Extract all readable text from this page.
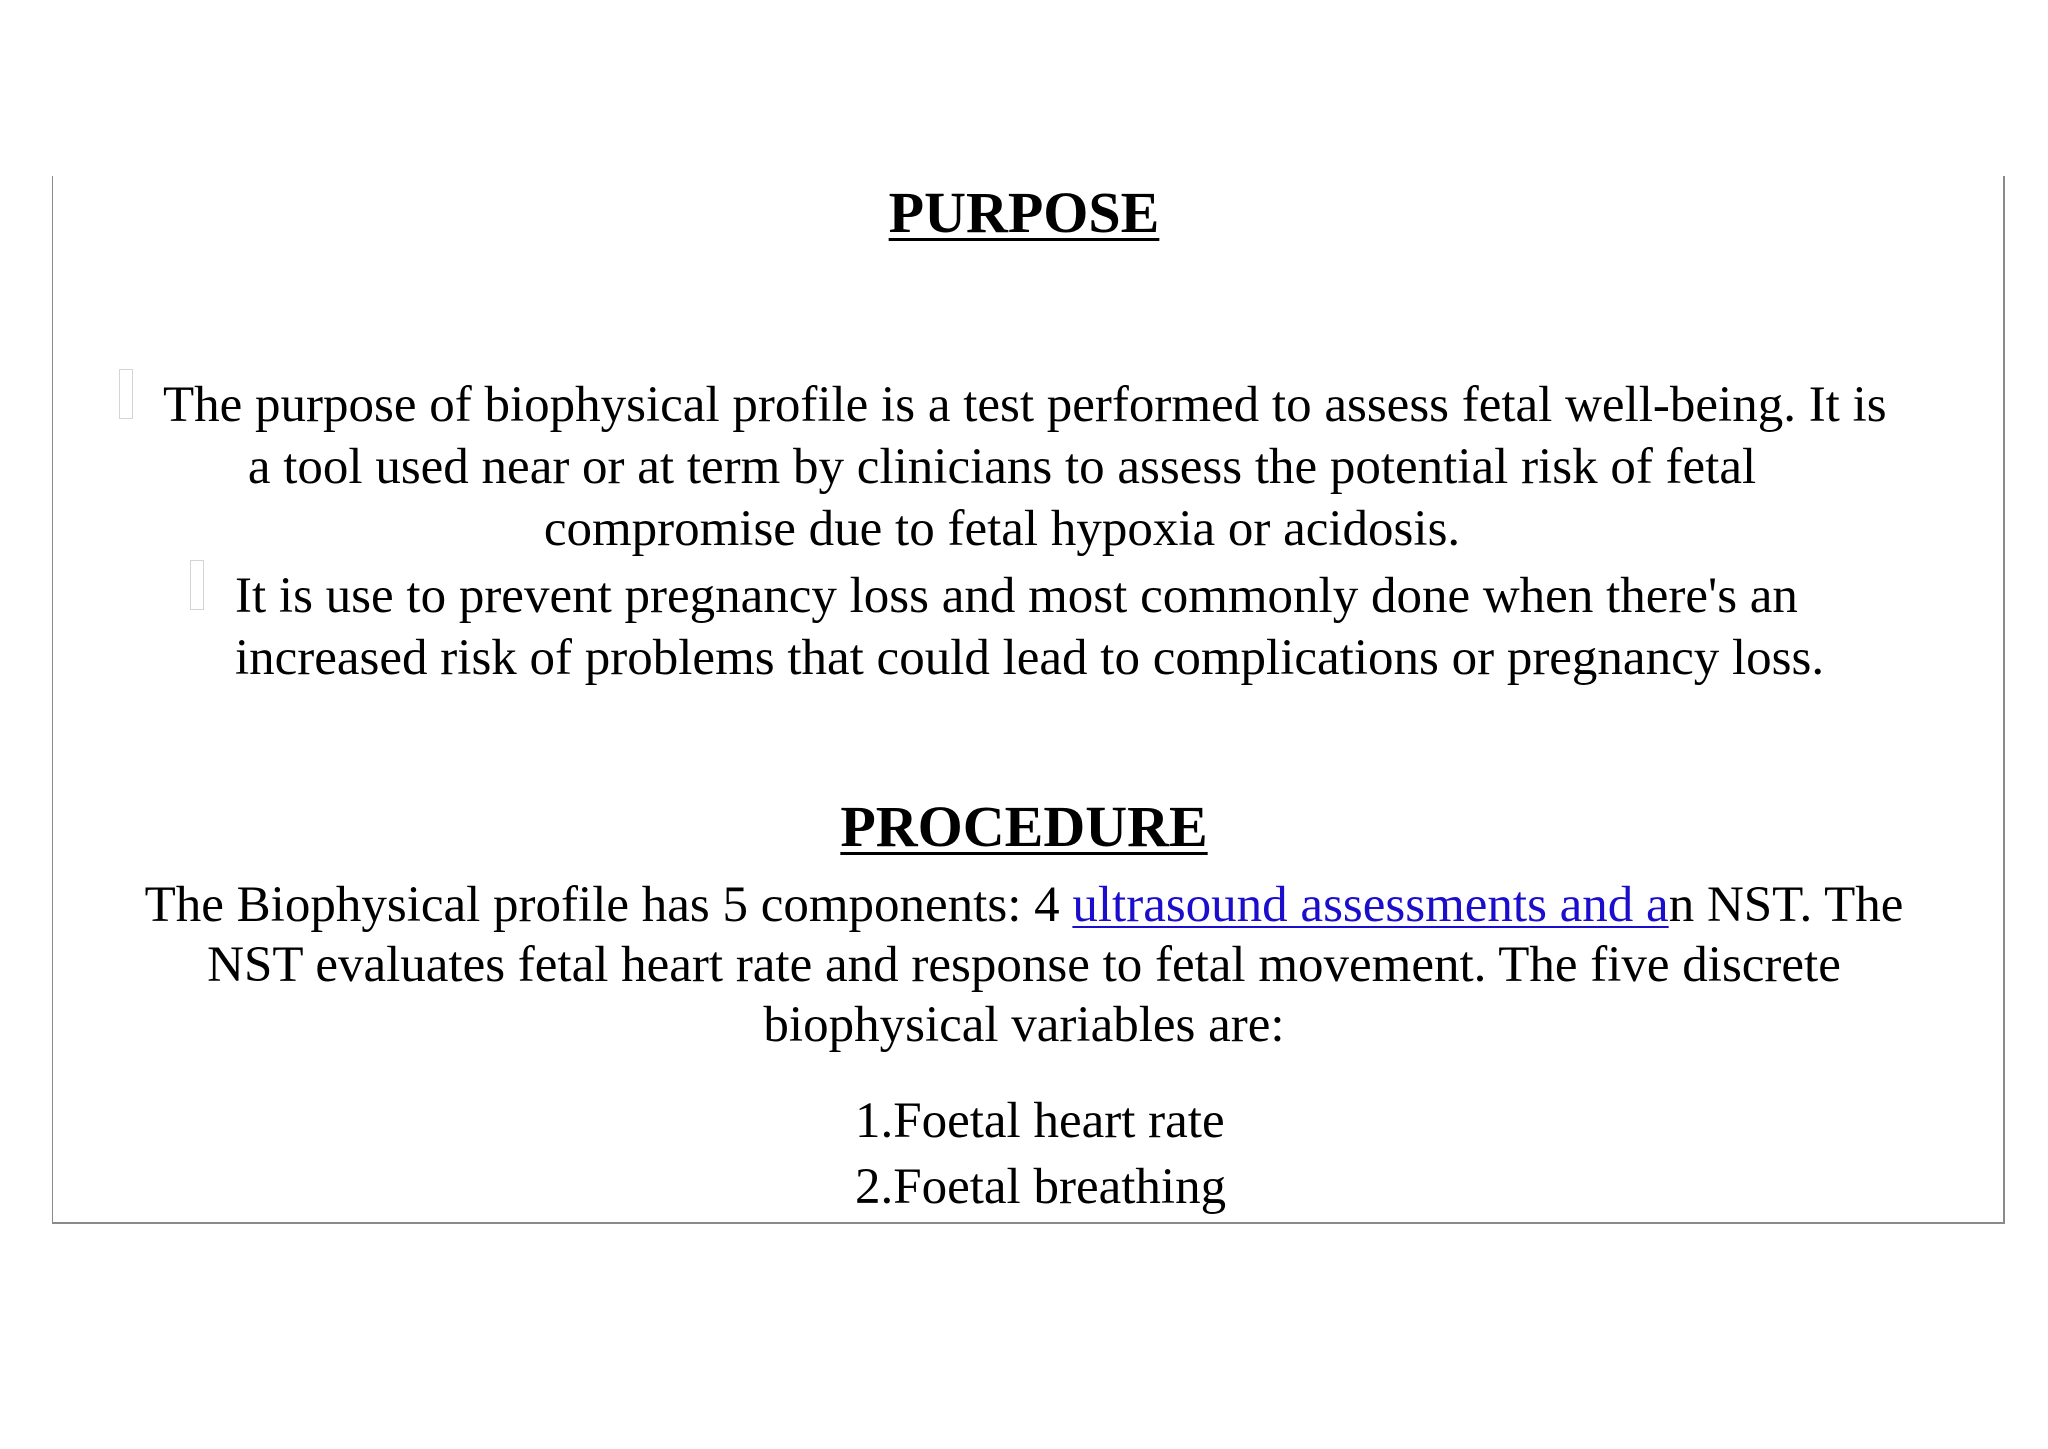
PURPOSE
The purpose of biophysical profile is a test performed to assess fetal well-being. It is
a tool used near or at term by clinicians to assess the potential risk of fetal
compromise due to fetal hypoxia or acidosis.
It is use to prevent pregnancy loss and most commonly done when there's an
increased risk of problems that could lead to complications or pregnancy loss.
PROCEDURE
The Biophysical profile has 5 components: 4 ultrasound assessments and an NST. The
NST evaluates fetal heart rate and response to fetal movement. The five discrete
biophysical variables are:
1.Foetal heart rate
2.Foetal breathing
